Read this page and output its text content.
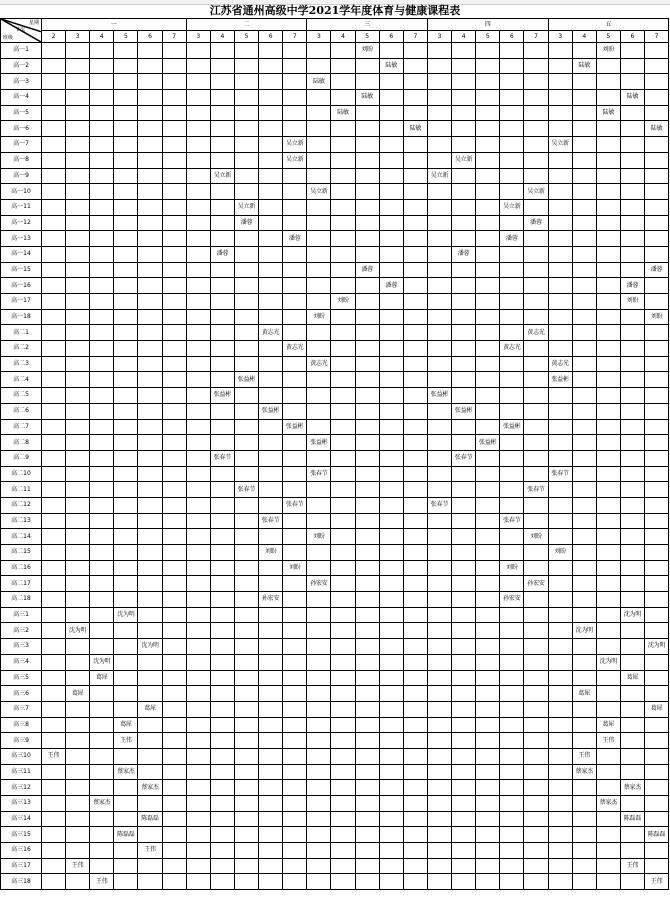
江苏省通州高级中学2021学年度体育与健康课程表
星期
节次
班级	一						二					三					四					五				
	2	3	4	5	6	7	3	4	5	6	7	3	4	5	6	7	3	4	5	6	7	3	4	5	6	7
高一1														刘盼										刘盼		
高一2															陆敏								陆敏			
高一3												陆敏														
高一4														陆敏											陆敏	
高一5													陆敏											陆敏		
高一6																陆敏										陆敏
高一7											吴立新											吴立新				
高一8											吴立新							吴立新								
高一9								吴立新									吴立新									
高一10												吴立新									吴立新					
高一11									吴立新											吴立新						
高一12									潘蓉												潘蓉					
高一13											潘蓉									潘蓉						
高一14								潘蓉										潘蓉								
高一15														潘蓉												潘蓉
高一16															潘蓉										潘蓉	
高一17													刘盼												刘盼	
高一18												刘盼														刘盼
高二1										黄志光											黄志光					
高二2											黄志光									黄志光						
高二3												黄志光										黄志光				
高二4									张益彬													张益彬				
高二5								张益彬									张益彬									
高二6										张益彬								张益彬								
高二7											张益彬									张益彬						
高二8												张益彬							张益彬							
高二9								张春节										张春节								
高二10												张春节										张春节				
高二11									张春节												张春节					
高二12											张春节						张春节									
高二13										张春节										张春节						
高二14												刘盼									刘盼					
高二15										刘盼												刘盼				
高二16											刘盼									刘盼						
高二17												孙宏安									孙宏安					
高二18										孙宏安										孙宏安						
高三1				沈为明																					沈为明	
高三2		沈为明																					沈为明			
高三3					沈为明																					沈为明
高三4			沈为明																					沈为明		
高三5			葛犀																						葛犀	
高三6		葛犀																					葛犀			
高三7					葛犀																					葛犀
高三8				葛犀																				葛犀		
高三9				王伟																				王伟		
高三10	王伟																						王伟			
高三11				蔡家杰																			蔡家杰			
高三12					蔡家杰																				蔡家杰	
高三13			蔡家杰																					蔡家杰		
高三14					陈磊磊																				陈磊磊	
高三15				陈磊磊																						陈磊磊
高三16					王伟																					
高三17		王伟																							王伟	
高三18			王伟																							王伟
